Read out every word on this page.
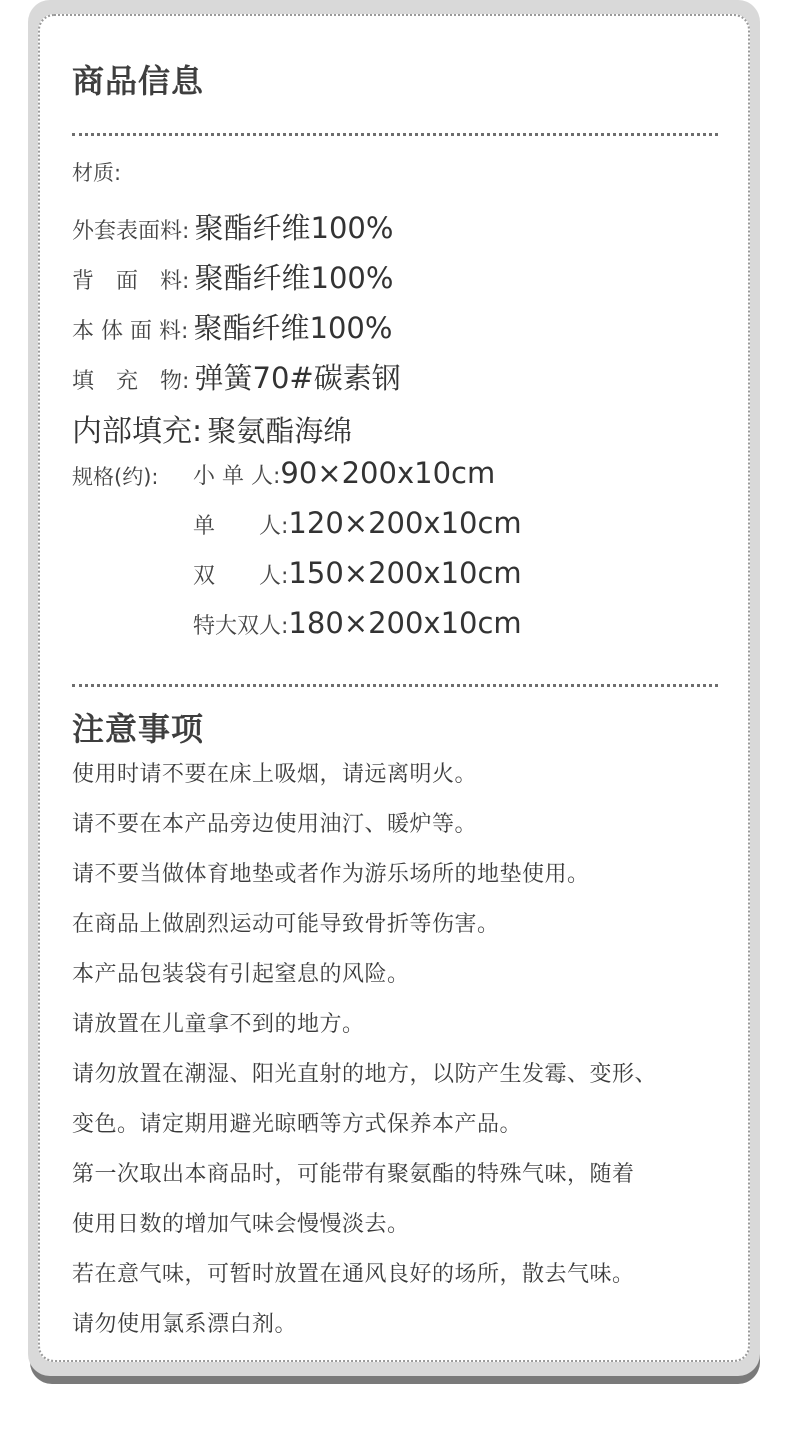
商品信息
材质:
外套表面料: 聚酯纤维100%
背　面　料: 聚酯纤维100%
本 体 面 料: 聚酯纤维100%
填　充　物: 弹簧70#碳素钢
内部填充: 聚氨酯海绵
规格(约): 小 单 人:90×200x10cm
单　　人:120×200x10cm
双　　人:150×200x10cm
特大双人:180×200x10cm
注意事项
使用时请不要在床上吸烟，请远离明火。
请不要在本产品旁边使用油汀、暖炉等。
请不要当做体育地垫或者作为游乐场所的地垫使用。
在商品上做剧烈运动可能导致骨折等伤害。
本产品包装袋有引起窒息的风险。
请放置在儿童拿不到的地方。
请勿放置在潮湿、阳光直射的地方，以防产生发霉、变形、
变色。请定期用避光晾晒等方式保养本产品。
第一次取出本商品时，可能带有聚氨酯的特殊气味，随着
使用日数的增加气味会慢慢淡去。
若在意气味，可暂时放置在通风良好的场所，散去气味。
请勿使用氯系漂白剂。
